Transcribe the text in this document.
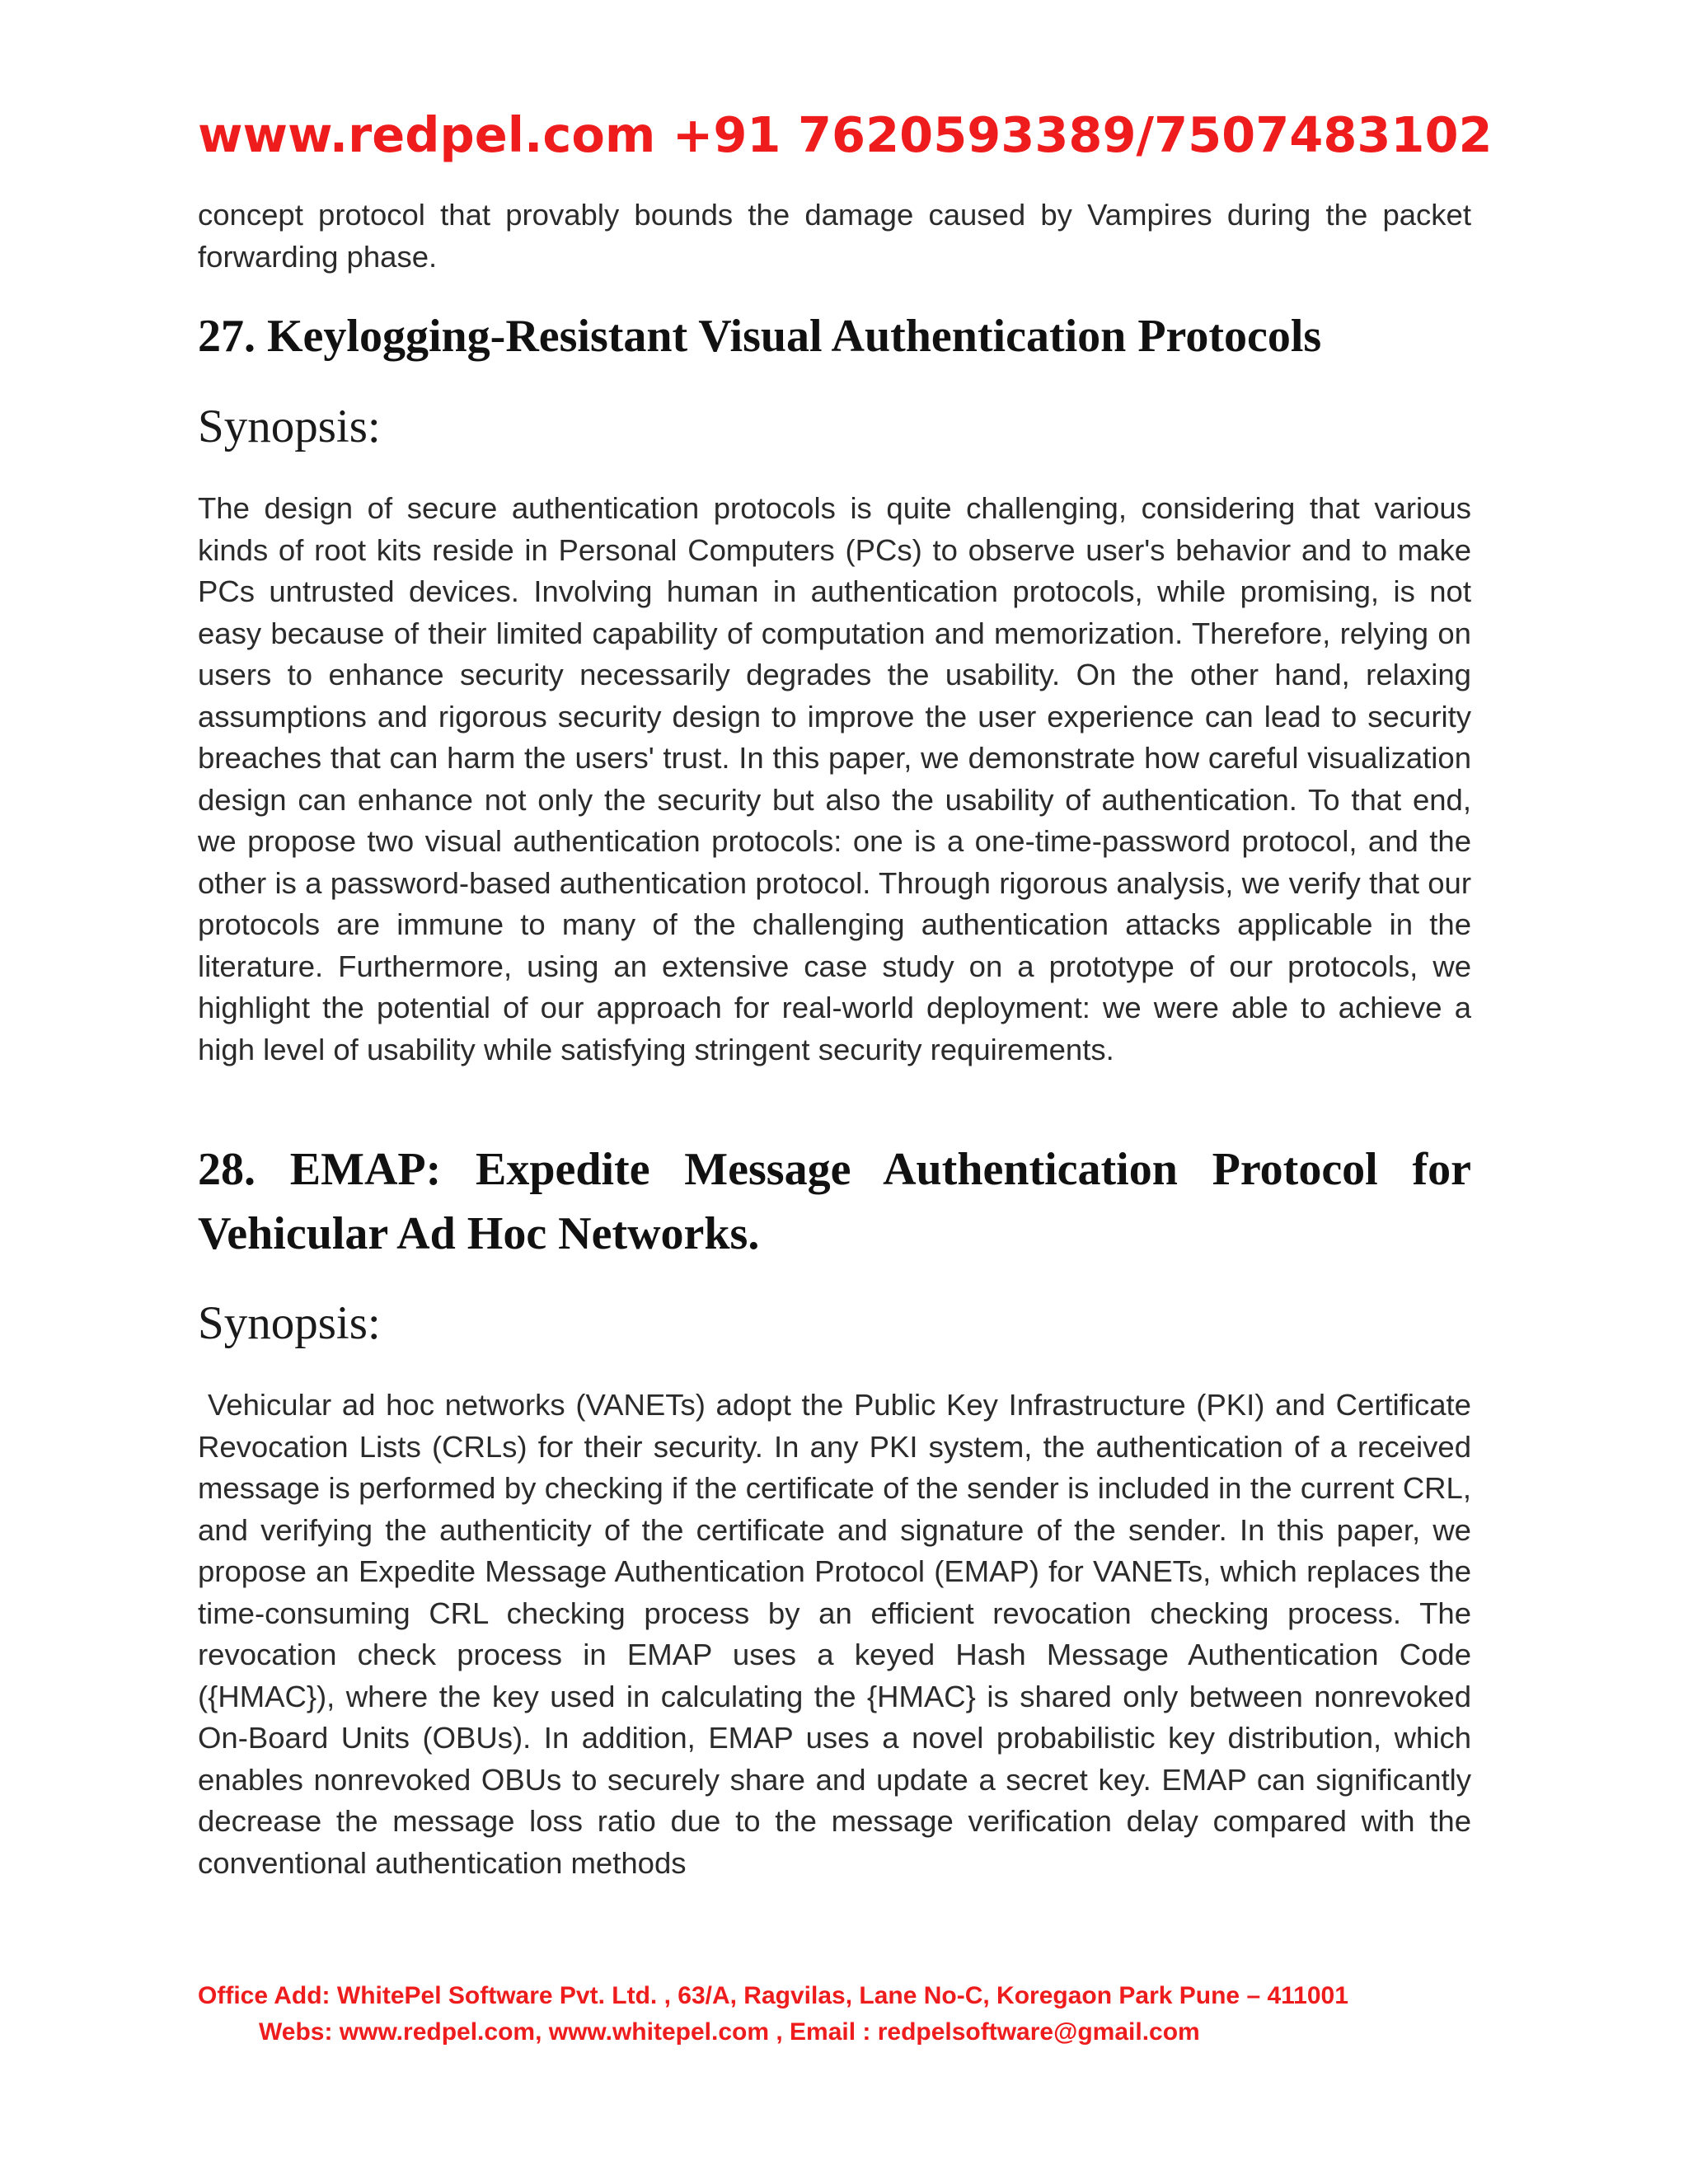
www.redpel.com +91 7620593389/7507483102

concept protocol that provably bounds the damage caused by Vampires during the packet forwarding phase.

27. Keylogging-Resistant Visual Authentication Protocols
Synopsis:

The design of secure authentication protocols is quite challenging, considering that various kinds of root kits reside in Personal Computers (PCs) to observe user's behavior and to make PCs untrusted devices. Involving human in authentication protocols, while promising, is not easy because of their limited capability of computation and memorization. Therefore, relying on users to enhance security necessarily degrades the usability. On the other hand, relaxing assumptions and rigorous security design to improve the user experience can lead to security breaches that can harm the users' trust. In this paper, we demonstrate how careful visualization design can enhance not only the security but also the usability of authentication. To that end, we propose two visual authentication protocols: one is a one-time-password protocol, and the other is a password-based authentication protocol. Through rigorous analysis, we verify that our protocols are immune to many of the challenging authentication attacks applicable in the literature. Furthermore, using an extensive case study on a prototype of our protocols, we highlight the potential of our approach for real-world deployment: we were able to achieve a high level of usability while satisfying stringent security requirements.

28. EMAP: Expedite Message Authentication Protocol for Vehicular Ad Hoc Networks.
Synopsis:

Vehicular ad hoc networks (VANETs) adopt the Public Key Infrastructure (PKI) and Certificate Revocation Lists (CRLs) for their security. In any PKI system, the authentication of a received message is performed by checking if the certificate of the sender is included in the current CRL, and verifying the authenticity of the certificate and signature of the sender. In this paper, we propose an Expedite Message Authentication Protocol (EMAP) for VANETs, which replaces the time-consuming CRL checking process by an efficient revocation checking process. The revocation check process in EMAP uses a keyed Hash Message Authentication Code ({HMAC}), where the key used in calculating the {HMAC} is shared only between nonrevoked On-Board Units (OBUs). In addition, EMAP uses a novel probabilistic key distribution, which enables nonrevoked OBUs to securely share and update a secret key. EMAP can significantly decrease the message loss ratio due to the message verification delay compared with the conventional authentication methods

Office Add: WhitePel Software Pvt. Ltd. , 63/A, Ragvilas, Lane No-C, Koregaon Park Pune – 411001
Webs: www.redpel.com, www.whitepel.com , Email : redpelsoftware@gmail.com
